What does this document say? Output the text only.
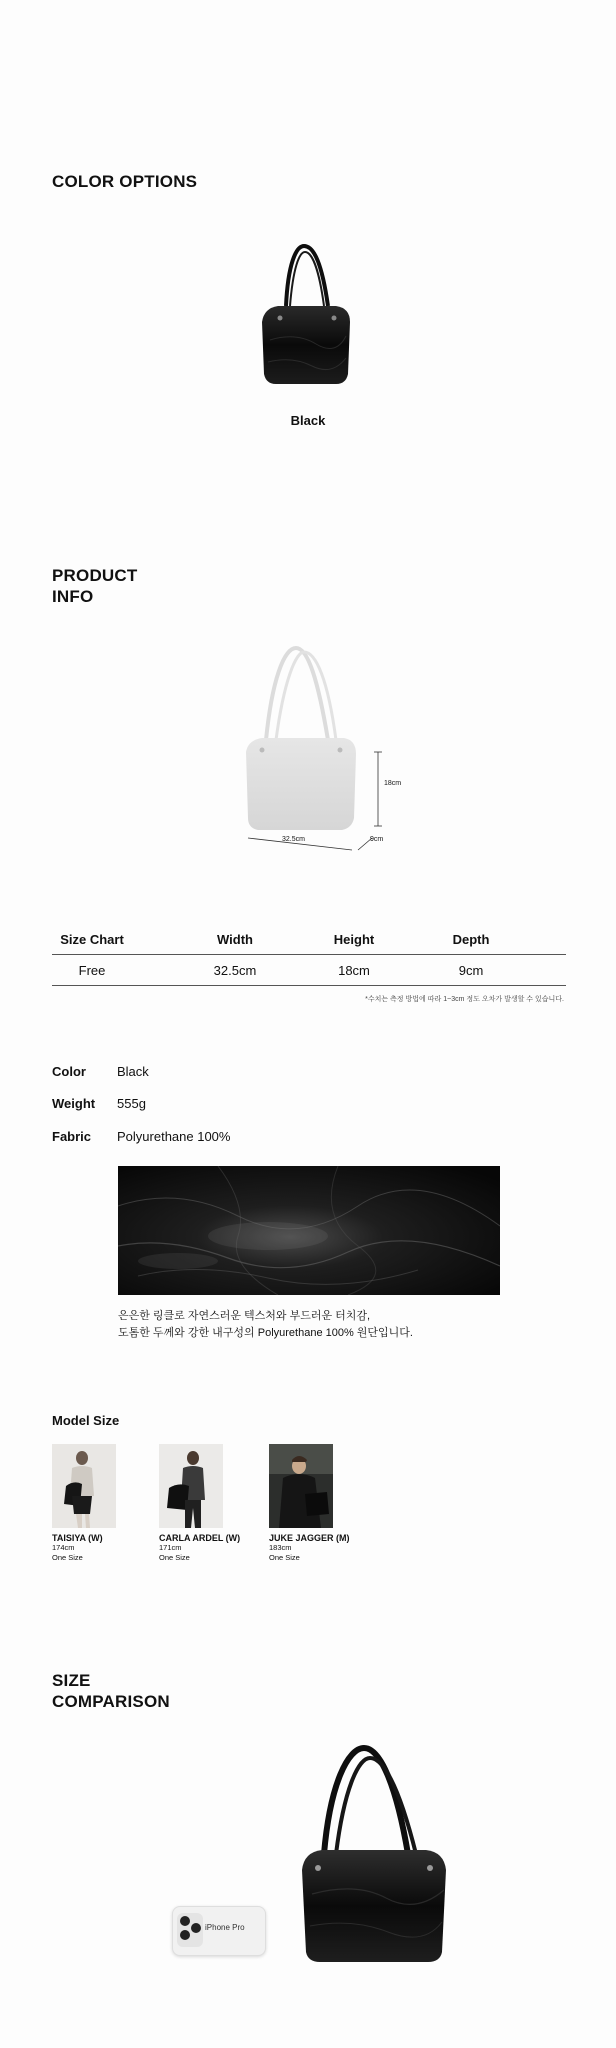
COLOR OPTIONS
Black
PRODUCT
INFO
18cm
32.5cm	9cm
Size Chart	Width	Height	Depth
Free	32.5cm	18cm	9cm
*수치는 측정 방법에 따라 1~3cm 정도 오차가 발생할 수 있습니다.
Color Black
Weight 555g
Fabric Polyurethane 100%
은은한 링클로 자연스러운 텍스처와 부드러운 터치감,
도톰한 두께와 강한 내구성의 Polyurethane 100% 원단입니다.
Model Size
TAISIYA (W)
174cm
One Size
CARLA ARDEL (W)
171cm
One Size
JUKE JAGGER (M)
183cm
One Size
SIZE
COMPARISON
iPhone Pro
